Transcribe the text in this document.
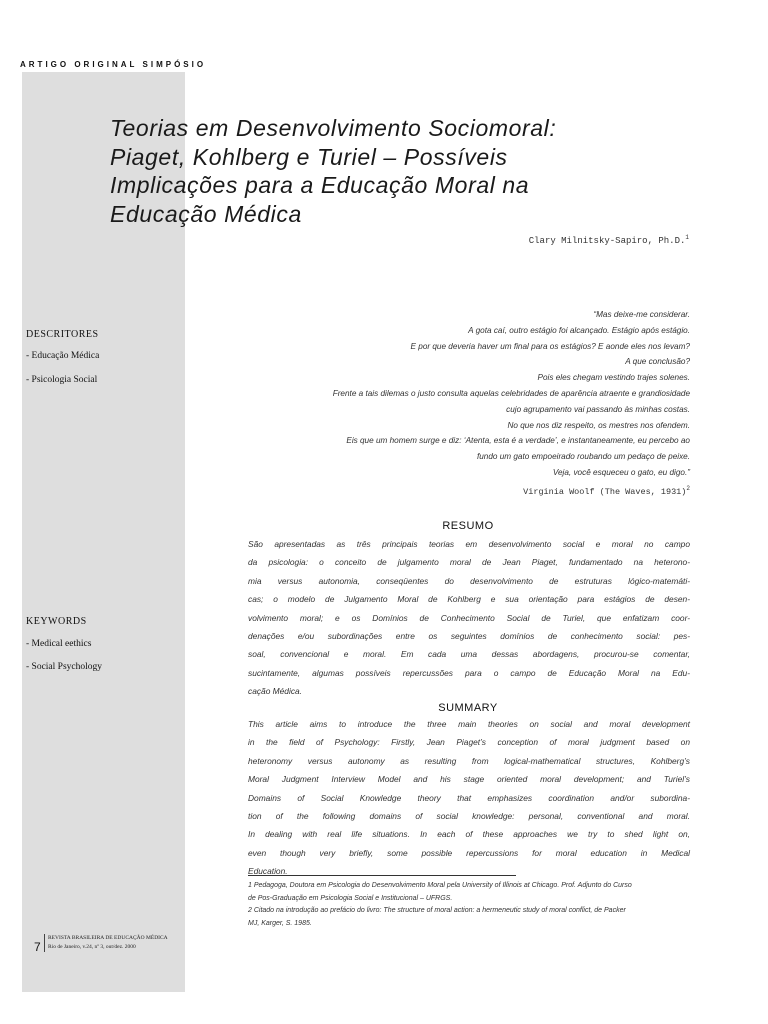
ARTIGO ORIGINAL SIMPÓSIO
Teorias em Desenvolvimento Sociomoral:
Piaget, Kohlberg e Turiel – Possíveis
Implicações para a Educação Moral na
Educação Médica
Clary Milnitsky-Sapiro, Ph.D.$^1$
DESCRITORES
- Educação Médica
- Psicologia Social
KEYWORDS
- Medical eethics
- Social Psychology
“Mas deixe-me considerar.
A gota caí, outro estágio foi alcançado. Estágio após estágio.
E por que deveria haver um final para os estágios? E aonde eles nos levam?
A que conclusão?
Pois eles chegam vestindo trajes solenes.
Frente a tais dilemas o justo consulta aquelas celebridades de aparência atraente e grandiosidade
cujo agrupamento vai passando às minhas costas.
No que nos diz respeito, os mestres nos ofendem.
Eis que um homem surge e diz: ‘Atenta, esta é a verdade’, e instantaneamente, eu percebo ao
fundo um gato empoeirado roubando um pedaço de peixe.
Veja, você esqueceu o gato, eu digo.”
Virginia Woolf (The Waves, 1931)$^2$
RESUMO
São apresentadas as três principais teorias em desenvolvimento social e moral no campo
da psicologia: o conceito de julgamento moral de Jean Piaget, fundamentado na heterono-
mia versus autonomia, conseqüentes do desenvolvimento de estruturas lógico-matemáti-
cas; o modelo de Julgamento Moral de Kohlberg e sua orientação para estágios de desen-
volvimento moral; e os Domínios de Conhecimento Social de Turiel, que enfatizam coor-
denações e/ou subordinações entre os seguintes domínios de conhecimento social: pes-
soal, convencional e moral. Em cada uma dessas abordagens, procurou-se comentar,
sucintamente, algumas possíveis repercussões para o campo de Educação Moral na Edu-
cação Médica.
SUMMARY
This article aims to introduce the three main theories on social and moral development
in the field of Psychology: Firstly, Jean Piaget’s conception of moral judgment based on
heteronomy versus autonomy as resulting from logical-mathematical structures, Kohlberg’s
Moral Judgment Interview Model and his stage oriented moral development; and Turiel’s
Domains of Social Knowledge theory that emphasizes coordination and/or subordina-
tion of the following domains of social knowledge: personal, conventional and moral.
In dealing with real life situations. In each of these approaches we try to shed light on,
even though very briefly, some possible repercussions for moral education in Medical
Education.
1 Pedagoga, Doutora em Psicologia do Desenvolvimento Moral pela University of Illinois at Chicago. Prof. Adjunto do Curso
de Pos-Graduação em Psicologia Social e Institucional – UFRGS.
2 Citado na introdução ao prefácio do livro: The structure of moral action: a hermeneutic study of moral conflict, de Packer
MJ, Karger, S. 1985.
7
REVISTA BRASILEIRA DE EDUCAÇÃO MÉDICA
Rio de Janeiro, v.24, nº 3, out/dez. 2000
